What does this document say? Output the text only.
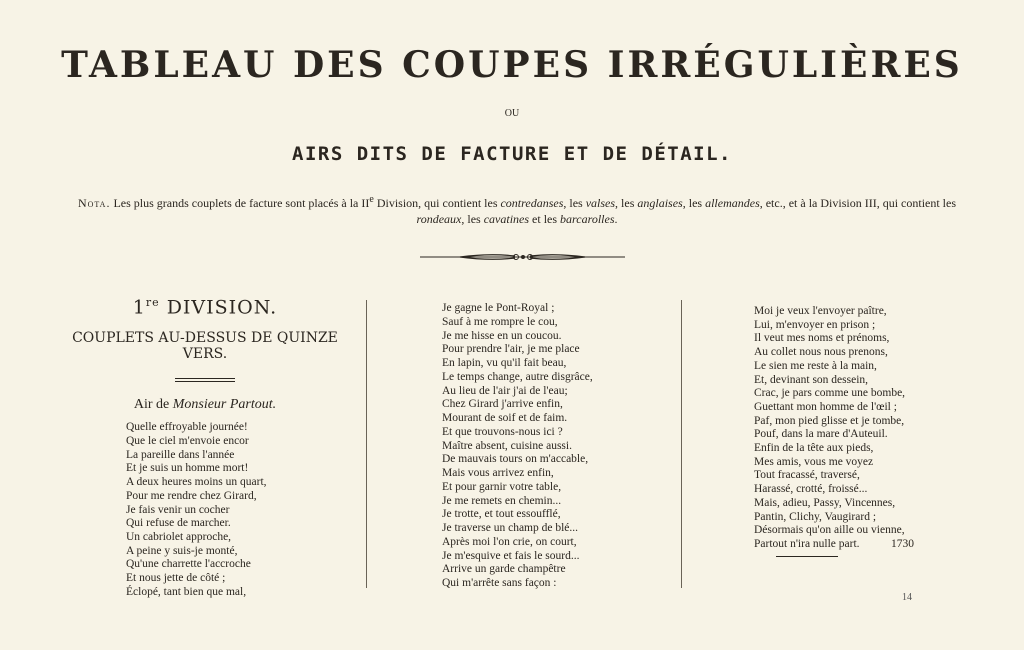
TABLEAU DES COUPES IRRÉGULIÈRES
OU
AIRS DITS DE FACTURE ET DE DÉTAIL.
Nota. Les plus grands couplets de facture sont placés à la IIe Division, qui contient les contredanses, les valses, les anglaises, les allemandes, etc., et à la Division III, qui contient les rondeaux, les cavatines et les barcarolles.
1re DIVISION.
COUPLETS AU-DESSUS DE QUINZE VERS.
Air de Monsieur Partout.
Quelle effroyable journée!
Que le ciel m'envoie encor
La pareille dans l'année
Et je suis un homme mort!
A deux heures moins un quart,
Pour me rendre chez Girard,
Je fais venir un cocher
Qui refuse de marcher.
Un cabriolet approche,
A peine y suis-je monté,
Qu'une charrette l'accroche
Et nous jette de côté ;
Éclopé, tant bien que mal,
Je gagne le Pont-Royal ;
Sauf à me rompre le cou,
Je me hisse en un coucou.
Pour prendre l'air, je me place
En lapin, vu qu'il fait beau,
Le temps change, autre disgrâce,
Au lieu de l'air j'ai de l'eau;
Chez Girard j'arrive enfin,
Mourant de soif et de faim.
Et que trouvons-nous ici ?
Maître absent, cuisine aussi.
De mauvais tours on m'accable,
Mais vous arrivez enfin,
Et pour garnir votre table,
Je me remets en chemin...
Je trotte, et tout essoufflé,
Je traverse un champ de blé...
Après moi l'on crie, on court,
Je m'esquive et fais le sourd...
Arrive un garde champêtre
Qui m'arrête sans façon :
Moi je veux l'envoyer paître,
Lui, m'envoyer en prison ;
Il veut mes noms et prénoms,
Au collet nous nous prenons,
Le sien me reste à la main,
Et, devinant son dessein,
Crac, je pars comme une bombe,
Guettant mon homme de l'œil ;
Paf, mon pied glisse et je tombe,
Pouf, dans la mare d'Auteuil.
Enfin de la tête aux pieds,
Mes amis, vous me voyez
Tout fracassé, traversé,
Harassé, crotté, froissé...
Mais, adieu, Passy, Vincennes,
Pantin, Clichy, Vaugirard ;
Désormais qu'on aille ou vienne,
Partout n'ira nulle part.	1730
14
